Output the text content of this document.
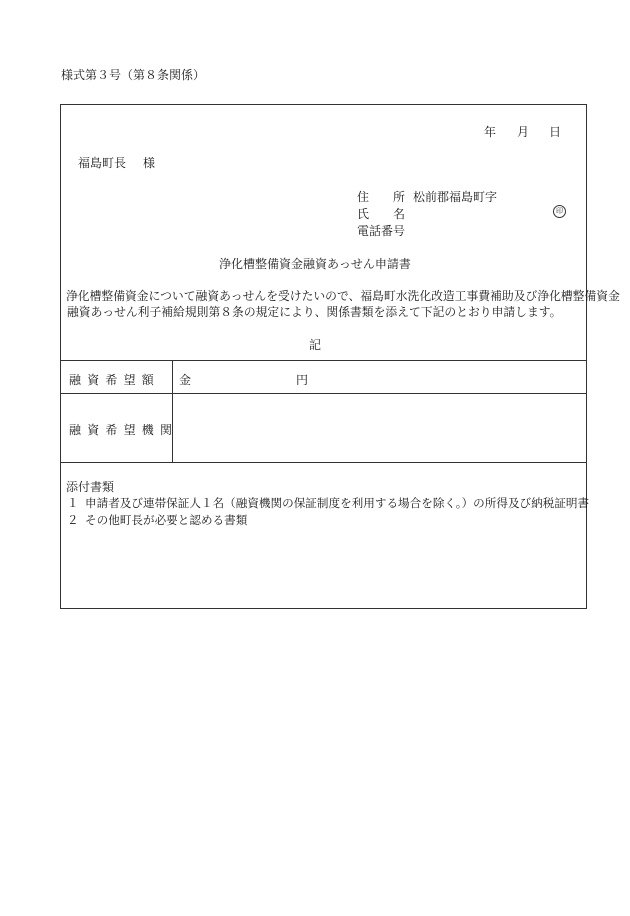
様式第３号（第８条関係）
年 月 日
福島町長 様
住 所 松前郡福島町字
氏 名	印
電話番号
浄化槽整備資金融資あっせん申請書
浄化槽整備資金について融資あっせんを受けたいので、福島町水洗化改造工事費補助及び浄化槽整備資金
融資あっせん利子補給規則第８条の規定により、関係書類を添えて下記のとおり申請します。
記
融資希望額 金	円
融資希望機関
添付書類
１ 申請者及び連帯保証人１名（融資機関の保証制度を利用する場合を除く。）の所得及び納税証明書
２ その他町長が必要と認める書類
